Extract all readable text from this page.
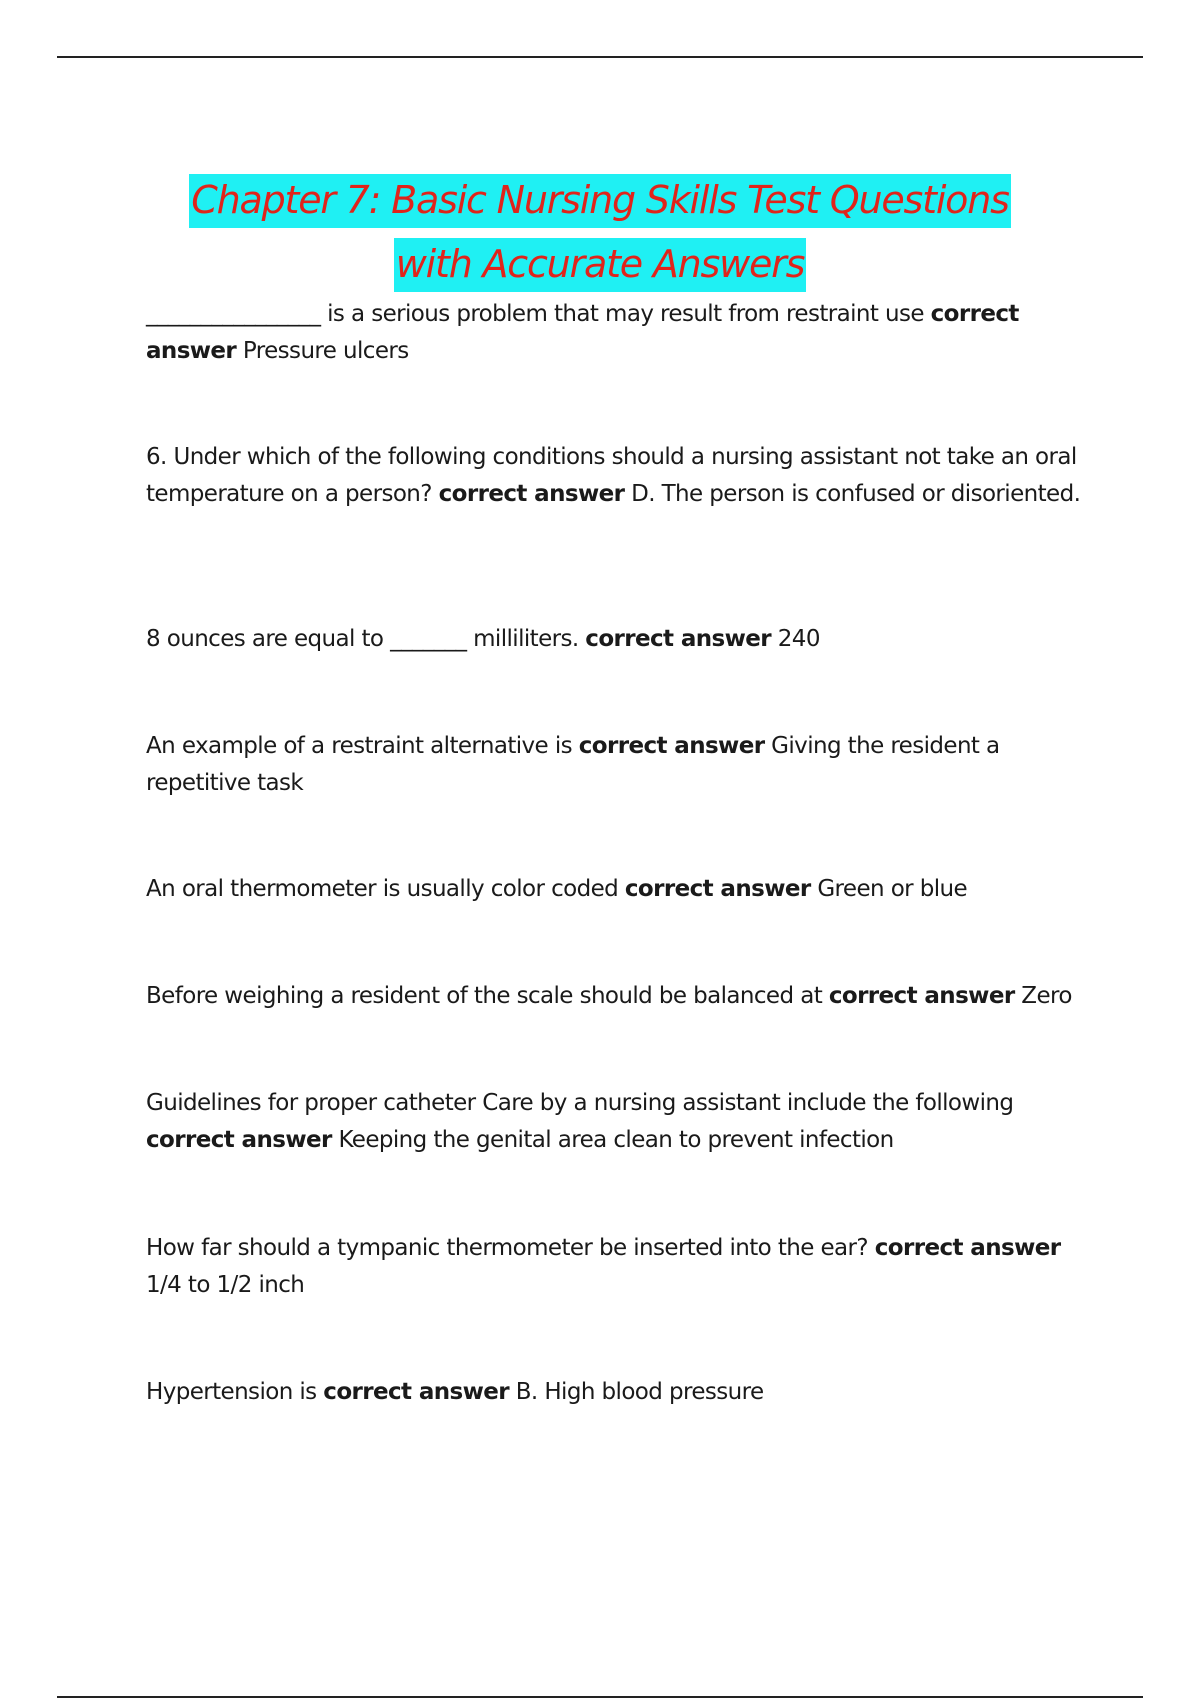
Chapter 7: Basic Nursing Skills Test Questions
with Accurate Answers

________________ is a serious problem that may result from restraint use correct answer Pressure ulcers

6. Under which of the following conditions should a nursing assistant not take an oral temperature on a person? correct answer D. The person is confused or disoriented.

8 ounces are equal to _______ milliliters. correct answer 240

An example of a restraint alternative is correct answer Giving the resident a repetitive task

An oral thermometer is usually color coded correct answer Green or blue

Before weighing a resident of the scale should be balanced at correct answer Zero

Guidelines for proper catheter Care by a nursing assistant include the following correct answer Keeping the genital area clean to prevent infection

How far should a tympanic thermometer be inserted into the ear? correct answer 1/4 to 1/2 inch

Hypertension is correct answer B. High blood pressure
